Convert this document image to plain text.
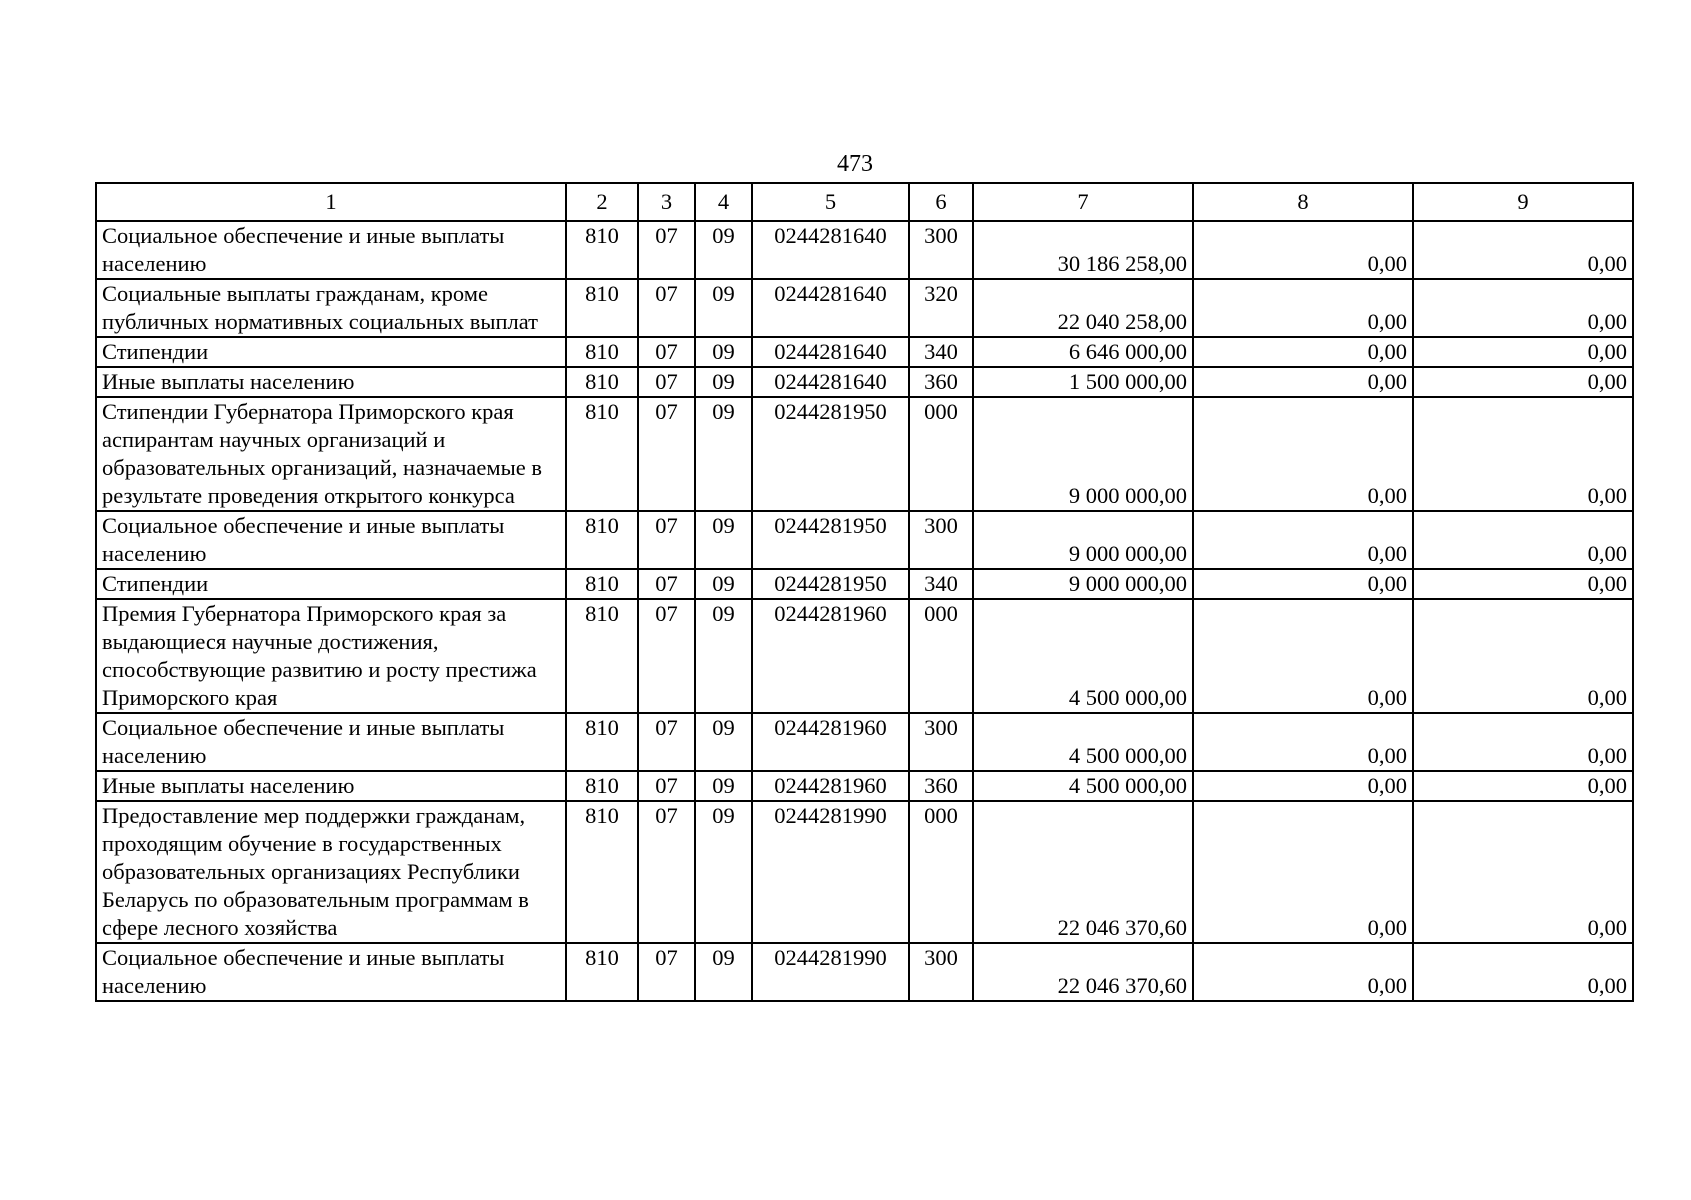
473
1	2	3	4	5	6	7	8	9
Социальное обеспечение и иные выплаты населению	810	07	09	0244281640	300	30 186 258,00	0,00	0,00
Социальные выплаты гражданам, кроме публичных нормативных социальных выплат	810	07	09	0244281640	320	22 040 258,00	0,00	0,00
Стипендии	810	07	09	0244281640	340	6 646 000,00	0,00	0,00
Иные выплаты населению	810	07	09	0244281640	360	1 500 000,00	0,00	0,00
Стипендии Губернатора Приморского края аспирантам научных организаций и образовательных организаций, назначаемые в результате проведения открытого конкурса	810	07	09	0244281950	000	9 000 000,00	0,00	0,00
Социальное обеспечение и иные выплаты населению	810	07	09	0244281950	300	9 000 000,00	0,00	0,00
Стипендии	810	07	09	0244281950	340	9 000 000,00	0,00	0,00
Премия Губернатора Приморского края за выдающиеся научные достижения, способствующие развитию и росту престижа Приморского края	810	07	09	0244281960	000	4 500 000,00	0,00	0,00
Социальное обеспечение и иные выплаты населению	810	07	09	0244281960	300	4 500 000,00	0,00	0,00
Иные выплаты населению	810	07	09	0244281960	360	4 500 000,00	0,00	0,00
Предоставление мер поддержки гражданам, проходящим обучение в государственных образовательных организациях Республики Беларусь по образовательным программам в сфере лесного хозяйства	810	07	09	0244281990	000	22 046 370,60	0,00	0,00
Социальное обеспечение и иные выплаты населению	810	07	09	0244281990	300	22 046 370,60	0,00	0,00
